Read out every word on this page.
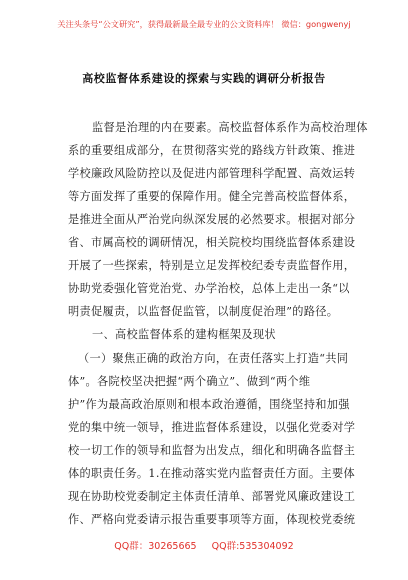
关注头条号“公文研究”，获得最新最全最专业的公文资料库！ 微信：gongwenyj
高校监督体系建设的探索与实践的调研分析报告
监督是治理的内在要素。高校监督体系作为高校治理体
系的重要组成部分，在贯彻落实党的路线方针政策、推进
学校廉政风险防控以及促进内部管理科学配置、高效运转
等方面发挥了重要的保障作用。健全完善高校监督体系，
是推进全面从严治党向纵深发展的必然要求。根据对部分
省、市属高校的调研情况，相关院校均围绕监督体系建设
开展了一些探索，特别是立足发挥校纪委专责监督作用，
协助党委强化管党治党、办学治校，总体上走出一条“以
明责促履责，以监督促监管，以制度促治理”的路径。
一、高校监督体系的建构框架及现状
（一）聚焦正确的政治方向，在责任落实上打造“共同
体”。各院校坚决把握“两个确立”、做到“两个维
护”作为最高政治原则和根本政治遵循，围绕坚持和加强
党的集中统一领导，推进监督体系建设，以强化党委对学
校一切工作的领导和监督为出发点，细化和明确各监督主
体的职责任务。1.在推动落实党内监督责任方面。主要体
现在协助校党委制定主体责任清单、部署党风廉政建设工
作、严格向党委请示报告重要事项等方面，体现校党委统
QQ群：30265665 QQ群:535304092
